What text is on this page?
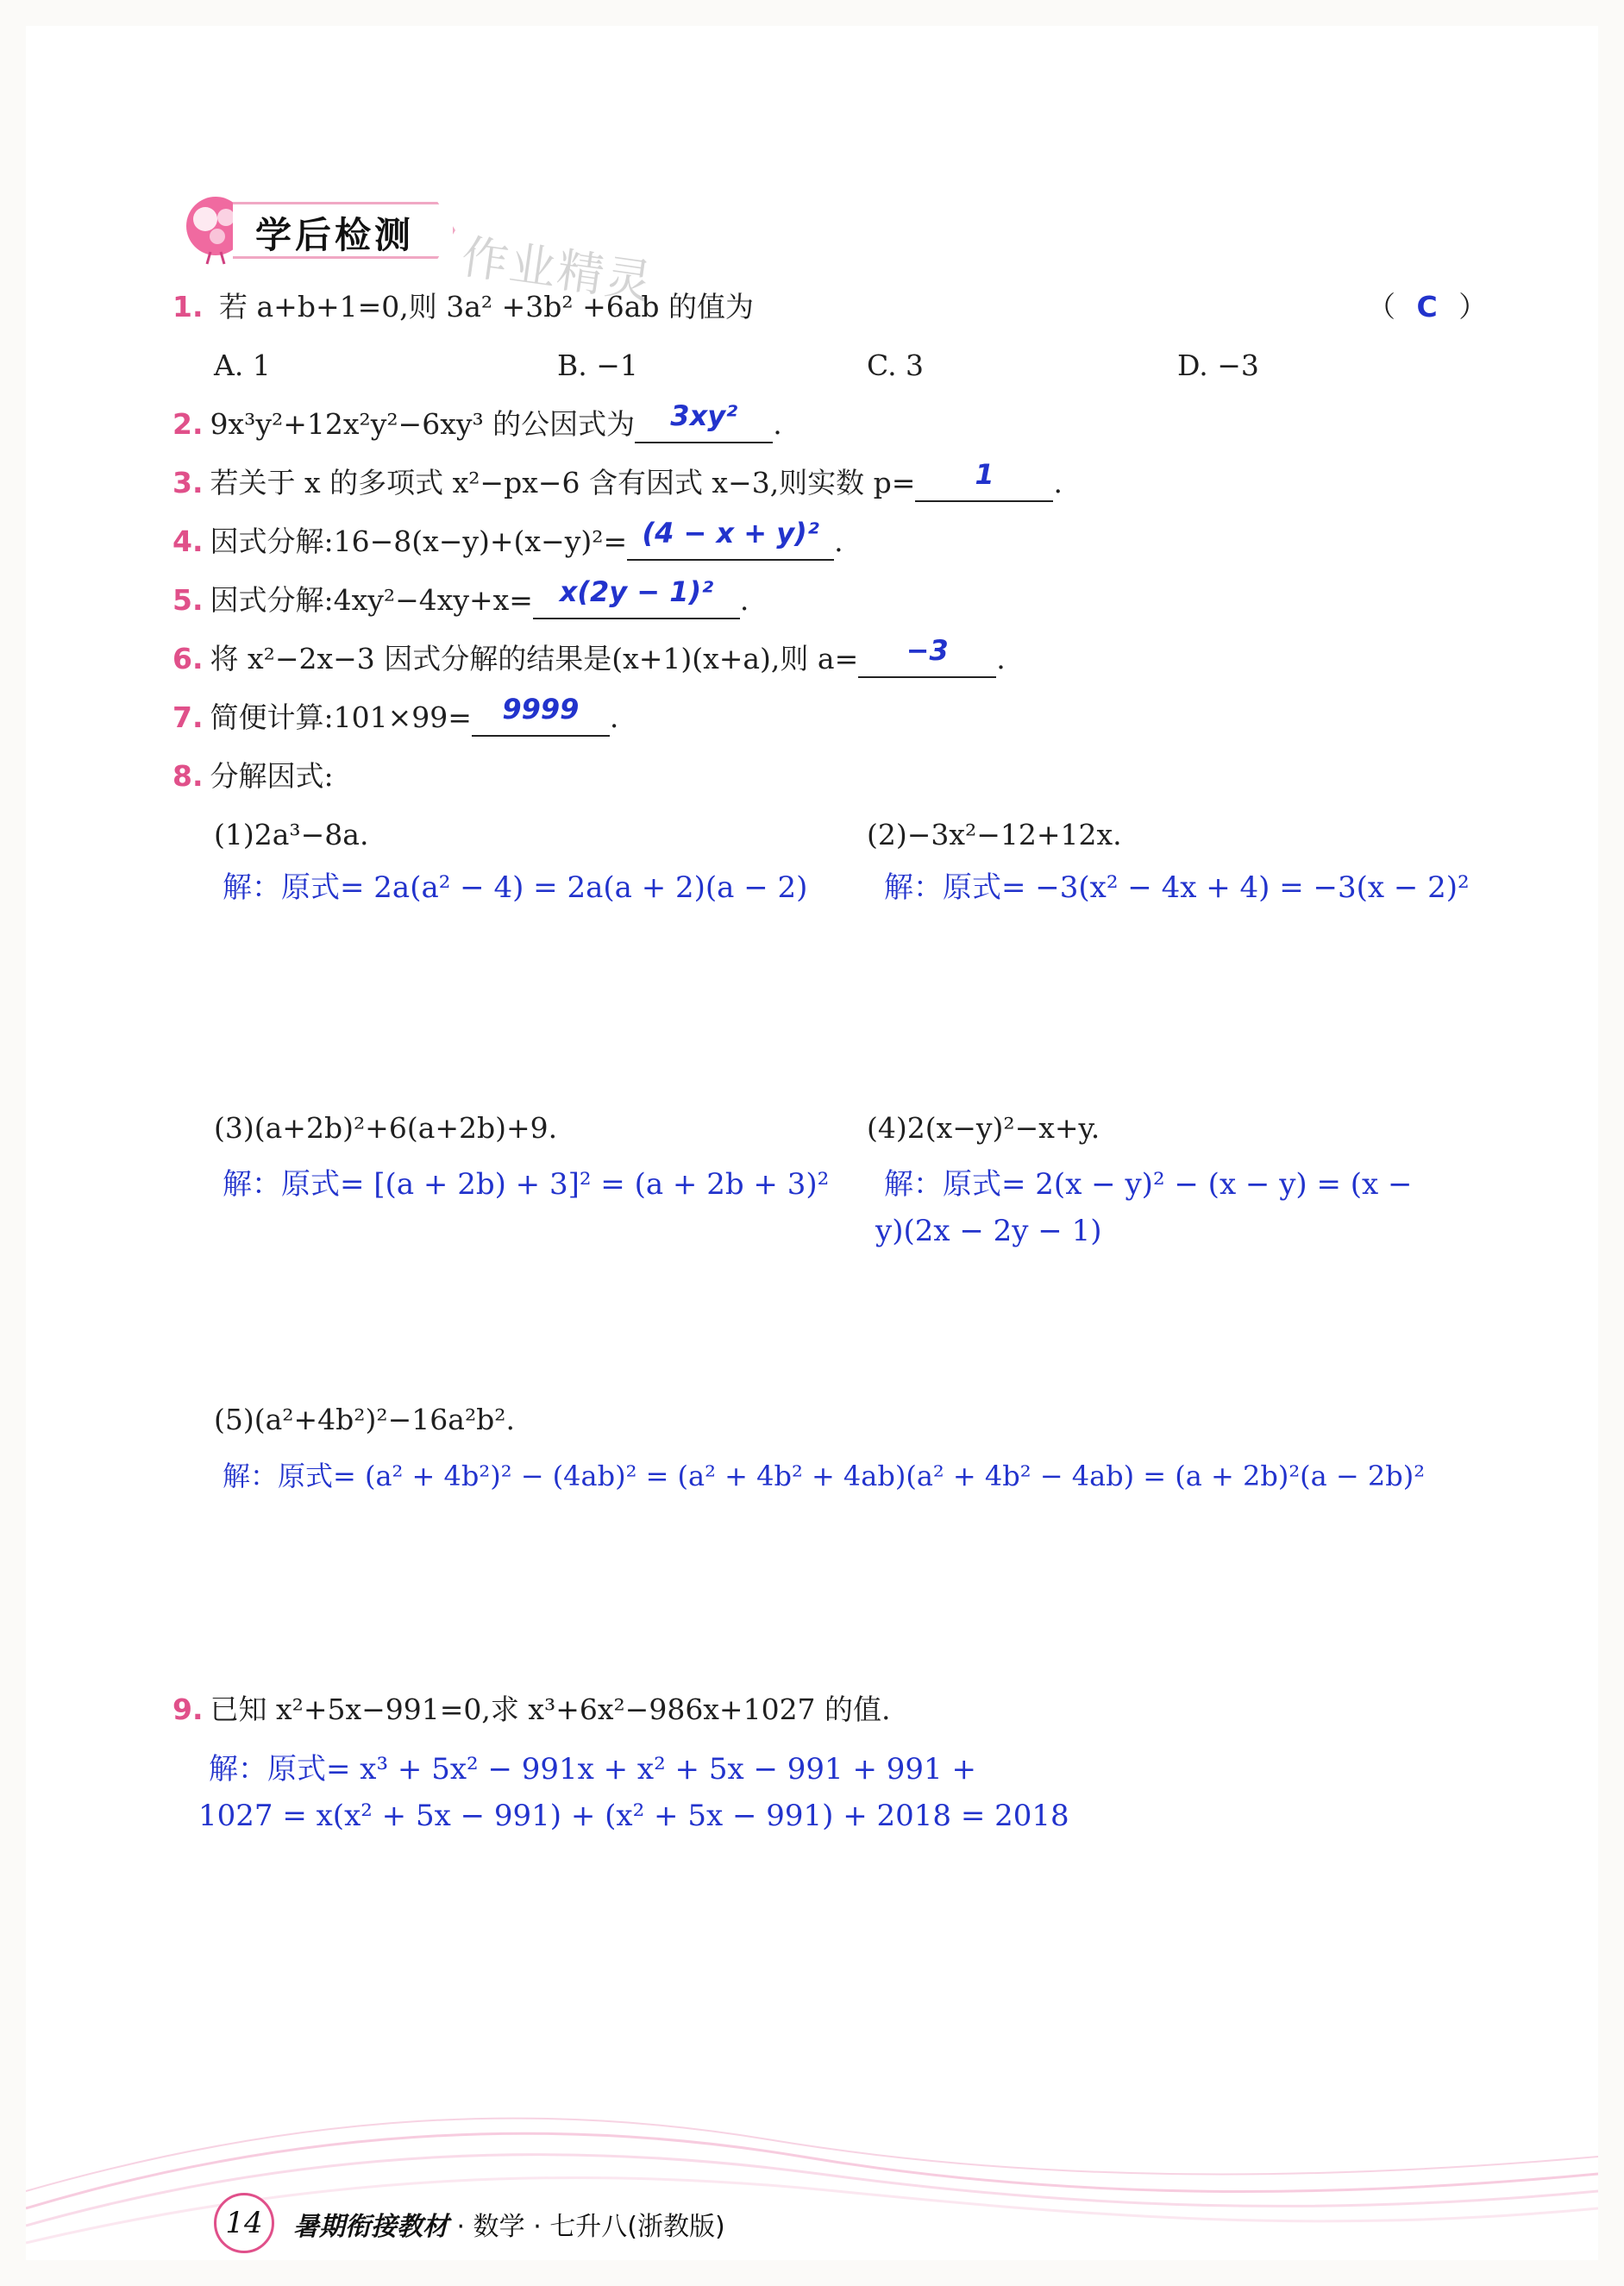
学后检测 作业精灵
1. 若 a+b+1=0,则 3a² +3b² +6ab 的值为	（ C ）
A. 1	B. −1	C. 3	D. −3
2. 9x³y²+12x²y²−6xy³ 的公因式为	3xy²	.
3. 若关于 x 的多项式 x²−px−6 含有因式 x−3,则实数 p=	1	.
4. 因式分解:16−8(x−y)+(x−y)²= (4 − x + y)² .
5. 因式分解:4xy²−4xy+x= x(2y − 1)² .
6. 将 x²−2x−3 因式分解的结果是(x+1)(x+a),则 a=	−3	.
7. 简便计算:101×99=	9999	.
8. 分解因式:
(1)2a³−8a.
解：原式= 2a(a² − 4) = 2a(a + 2)(a − 2)
(2)−3x²−12+12x.
解：原式= −3(x² − 4x + 4) = −3(x − 2)²
(3)(a+2b)²+6(a+2b)+9.
解：原式= [(a + 2b) + 3]² = (a + 2b + 3)²
(4)2(x−y)²−x+y.
解：原式= 2(x − y)² − (x − y) = (x −
y)(2x − 2y − 1)
(5)(a²+4b²)²−16a²b².
解：原式= (a² + 4b²)² − (4ab)² = (a² + 4b² + 4ab)(a² + 4b² − 4ab) = (a + 2b)²(a − 2b)²
9. 已知 x²+5x−991=0,求 x³+6x²−986x+1027 的值.
解：原式= x³ + 5x² − 991x + x² + 5x − 991 + 991 +
1027 = x(x² + 5x − 991) + (x² + 5x − 991) + 2018 = 2018
14	暑期衔接教材 · 数学 · 七升八(浙教版)
